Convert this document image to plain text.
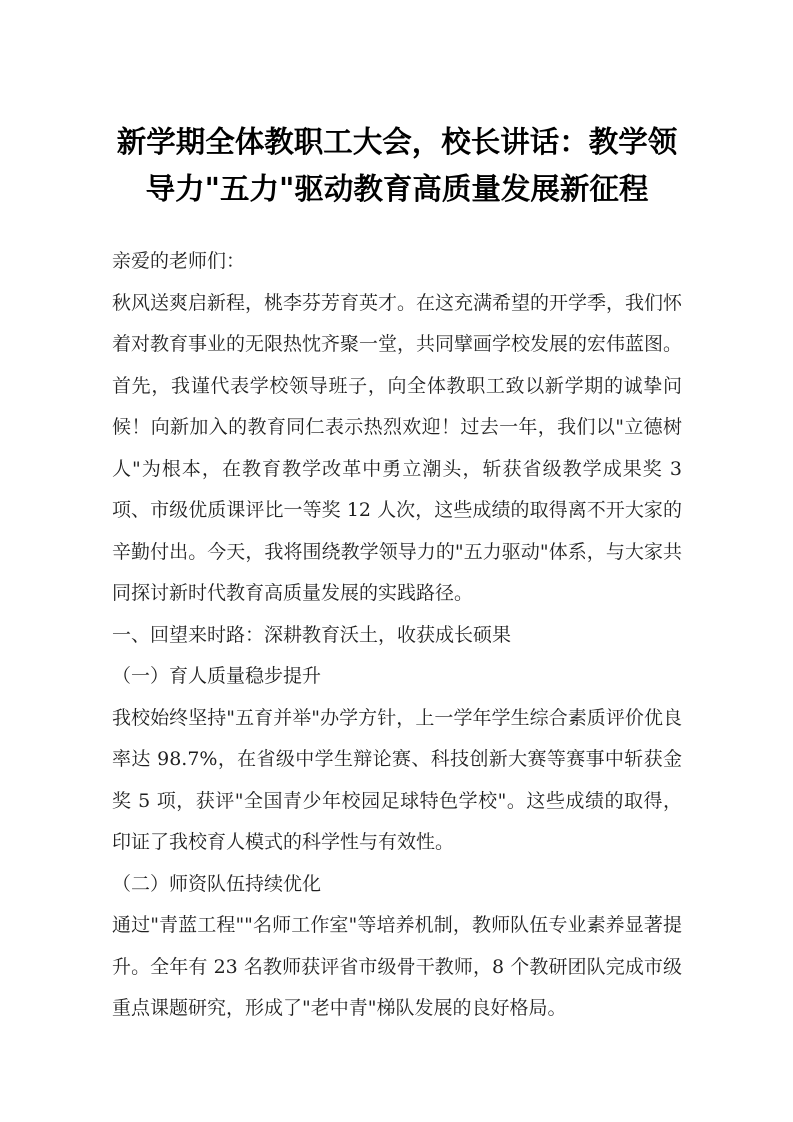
新学期全体教职工大会，校长讲话：教学领导力"五力"驱动教育高质量发展新征程

亲爱的老师们：

秋风送爽启新程，桃李芬芳育英才。在这充满希望的开学季，我们怀着对教育事业的无限热忱齐聚一堂，共同擘画学校发展的宏伟蓝图。首先，我谨代表学校领导班子，向全体教职工致以新学期的诚挚问候！向新加入的教育同仁表示热烈欢迎！过去一年，我们以"立德树人"为根本，在教育教学改革中勇立潮头，斩获省级教学成果奖 3 项、市级优质课评比一等奖 12 人次，这些成绩的取得离不开大家的辛勤付出。今天，我将围绕教学领导力的"五力驱动"体系，与大家共同探讨新时代教育高质量发展的实践路径。

一、回望来时路：深耕教育沃土，收获成长硕果

（一）育人质量稳步提升

我校始终坚持"五育并举"办学方针，上一学年学生综合素质评价优良率达 98.7%，在省级中学生辩论赛、科技创新大赛等赛事中斩获金奖 5 项，获评"全国青少年校园足球特色学校"。这些成绩的取得，印证了我校育人模式的科学性与有效性。

（二）师资队伍持续优化

通过"青蓝工程""名师工作室"等培养机制，教师队伍专业素养显著提升。全年有 23 名教师获评省市级骨干教师，8 个教研团队完成市级重点课题研究，形成了"老中青"梯队发展的良好格局。
